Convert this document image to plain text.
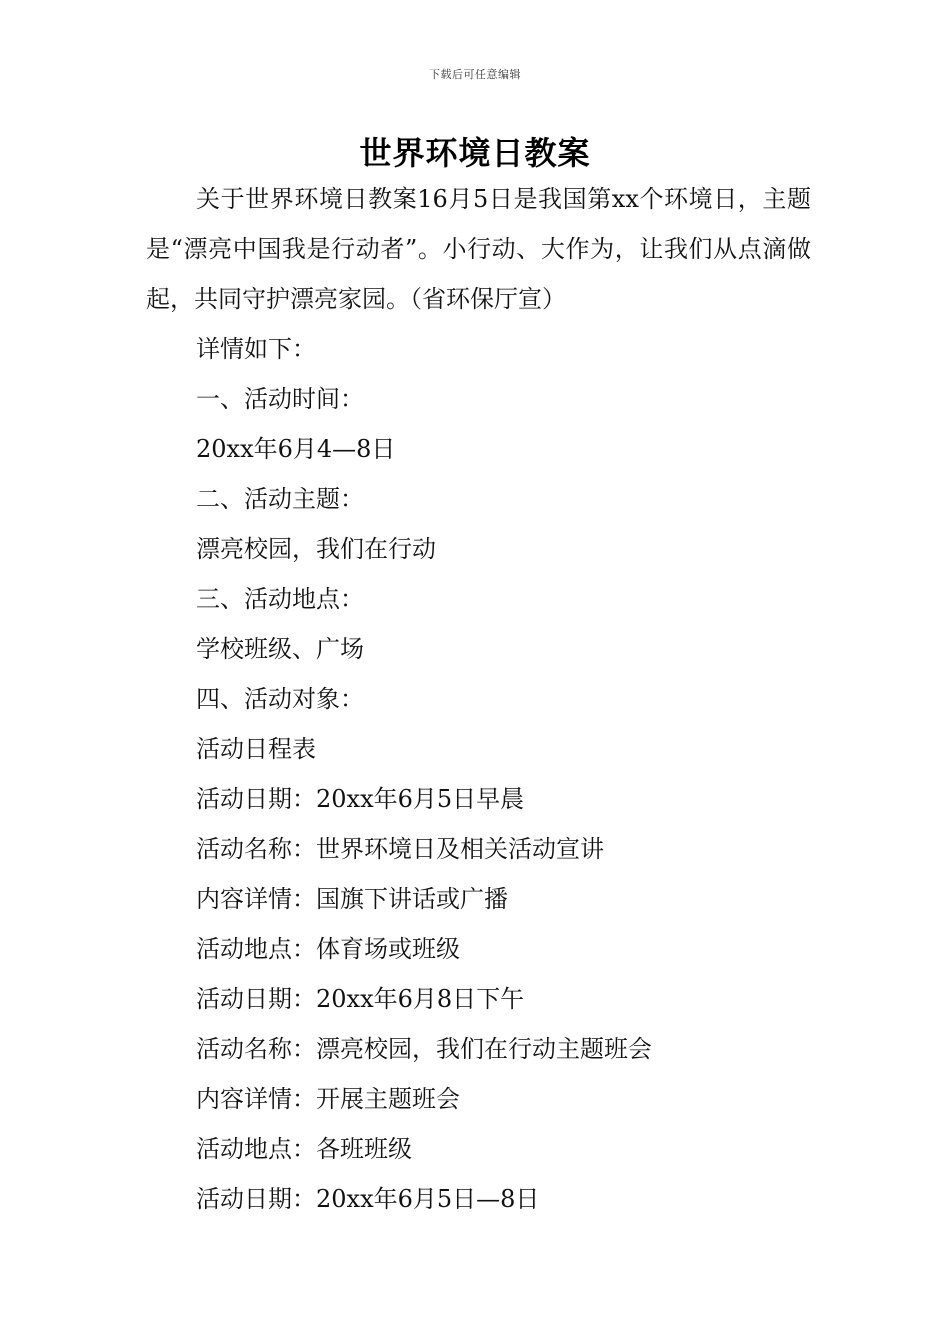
下载后可任意编辑
世界环境日教案

关于世界环境日教案16月5日是我国第xx个环境日，主题是“漂亮中国我是行动者”。小行动、大作为，让我们从点滴做起，共同守护漂亮家园。（省环保厅宣）

详情如下：

一、活动时间：

20xx年6月4—8日

二、活动主题：

漂亮校园，我们在行动

三、活动地点：

学校班级、广场

四、活动对象：

活动日程表

活动日期：20xx年6月5日早晨

活动名称：世界环境日及相关活动宣讲

内容详情：国旗下讲话或广播

活动地点：体育场或班级

活动日期：20xx年6月8日下午

活动名称：漂亮校园，我们在行动主题班会

内容详情：开展主题班会

活动地点：各班班级

活动日期：20xx年6月5日—8日
